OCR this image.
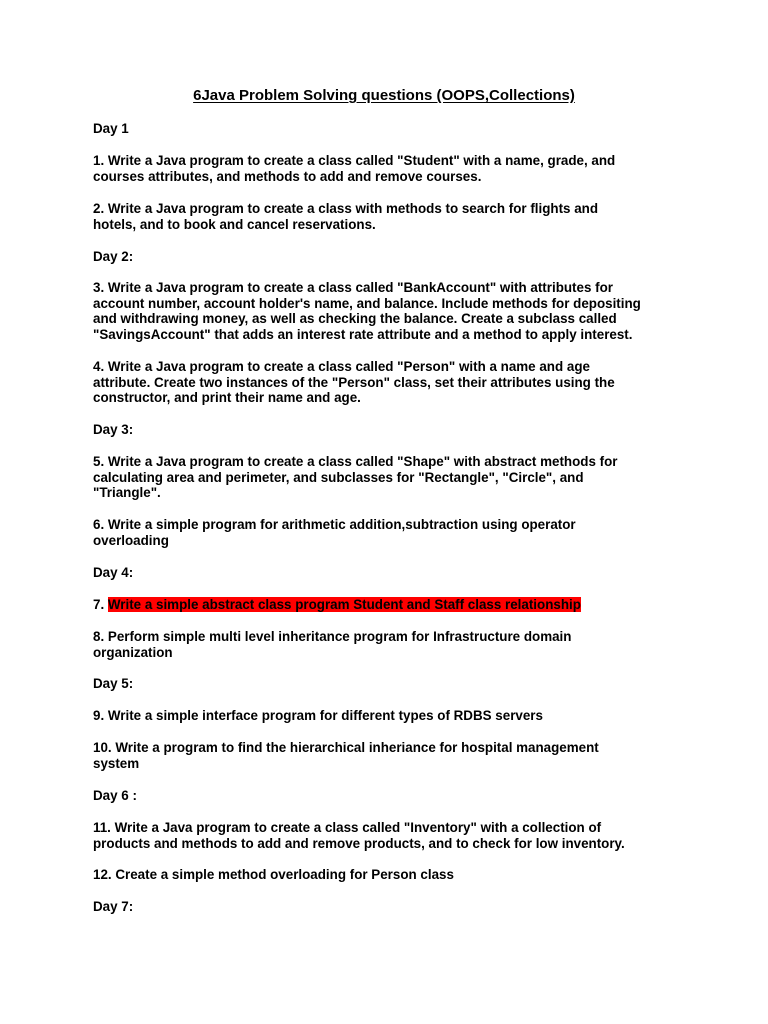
6Java Problem Solving questions (OOPS,Collections)
Day 1
1. Write a Java program to create a class called "Student" with a name, grade, and
courses attributes, and methods to add and remove courses.
2. Write a Java program to create a class with methods to search for flights and
hotels, and to book and cancel reservations.
Day 2:
3. Write a Java program to create a class called "BankAccount" with attributes for
account number, account holder's name, and balance. Include methods for depositing
and withdrawing money, as well as checking the balance. Create a subclass called
"SavingsAccount" that adds an interest rate attribute and a method to apply interest.
4. Write a Java program to create a class called "Person" with a name and age
attribute. Create two instances of the "Person" class, set their attributes using the
constructor, and print their name and age.
Day 3:
5. Write a Java program to create a class called "Shape" with abstract methods for
calculating area and perimeter, and subclasses for "Rectangle", "Circle", and
"Triangle".
6. Write a simple program for arithmetic addition,subtraction using operator
overloading
Day 4:
7. Write a simple abstract class program Student and Staff class relationship
8. Perform simple multi level inheritance program for Infrastructure domain
organization
Day 5:
9. Write a simple interface program for different types of RDBS servers
10. Write a program to find the hierarchical inheriance for hospital management
system
Day 6 :
11. Write a Java program to create a class called "Inventory" with a collection of
products and methods to add and remove products, and to check for low inventory.
12. Create a simple method overloading for Person class
Day 7:
